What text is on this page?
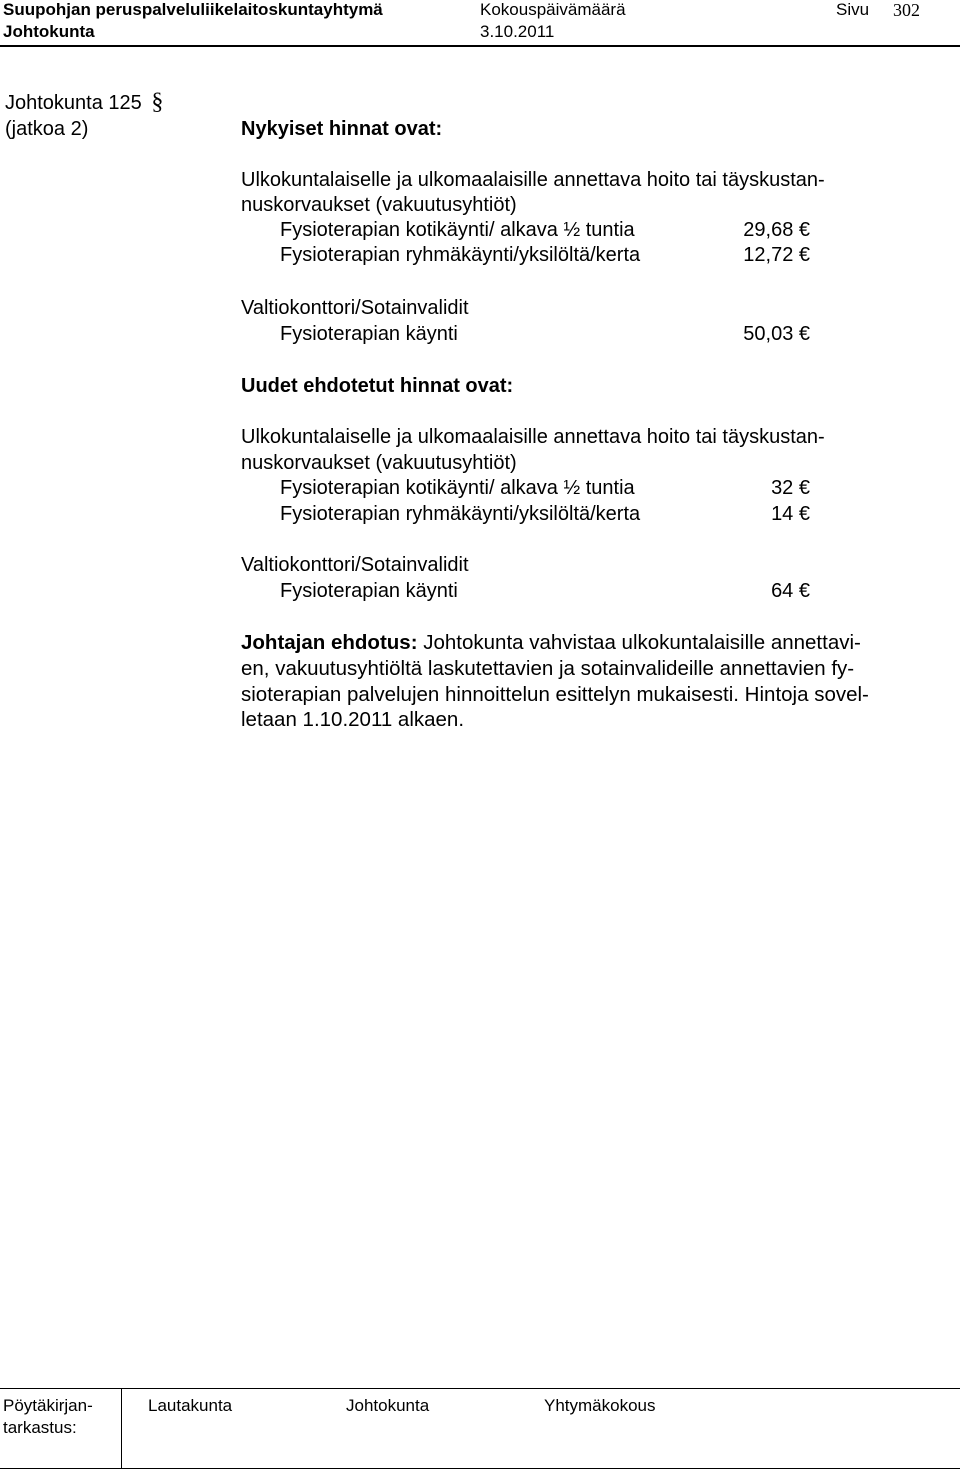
Suupohjan peruspalveluliikelaitoskuntayhtymä	Kokouspäivämäärä	Sivu 302
Johtokunta	3.10.2011
Johtokunta 125 §
(jatkoa 2)	Nykyiset hinnat ovat:
Ulkokuntalaiselle ja ulkomaalaisille annettava hoito tai täyskustan-
nuskorvaukset (vakuutusyhtiöt)
Fysioterapian kotikäynti/ alkava ½ tuntia	29,68 €
Fysioterapian ryhmäkäynti/yksilöltä/kerta	12,72 €
Valtiokonttori/Sotainvalidit
Fysioterapian käynti	50,03 €
Uudet ehdotetut hinnat ovat:
Ulkokuntalaiselle ja ulkomaalaisille annettava hoito tai täyskustan-
nuskorvaukset (vakuutusyhtiöt)
Fysioterapian kotikäynti/ alkava ½ tuntia	32 €
Fysioterapian ryhmäkäynti/yksilöltä/kerta	14 €
Valtiokonttori/Sotainvalidit
Fysioterapian käynti	64 €
Johtajan ehdotus: Johtokunta vahvistaa ulkokuntalaisille annettavi-
en, vakuutusyhtiöltä laskutettavien ja sotainvalideille annettavien fy-
sioterapian palvelujen hinnoittelun esittelyn mukaisesti. Hintoja sovel-
letaan 1.10.2011 alkaen.
Pöytäkirjan-
tarkastus:
Lautakunta	Johtokunta	Yhtymäkokous
